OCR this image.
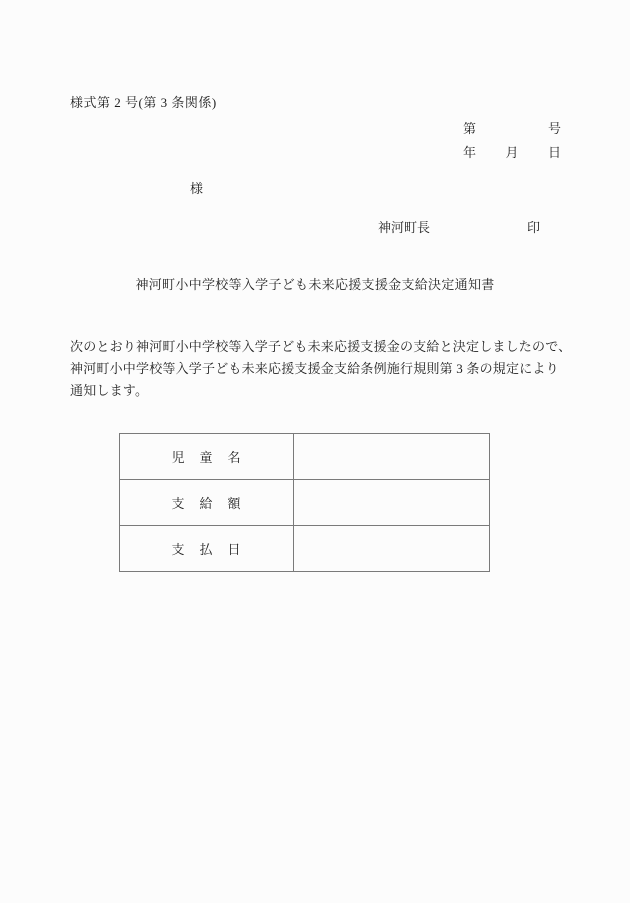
様式第 2 号(第 3 条関係)
第	号
年 月 日
様
神河町長	印
神河町小中学校等入学子ども未来応援支援金支給決定通知書
次のとおり神河町小中学校等入学子ども未来応援支援金の支給と決定しましたので、
神河町小中学校等入学子ども未来応援支援金支給条例施行規則第 3 条の規定により
通知します。
児　童　名
支　給　額
支　払　日
